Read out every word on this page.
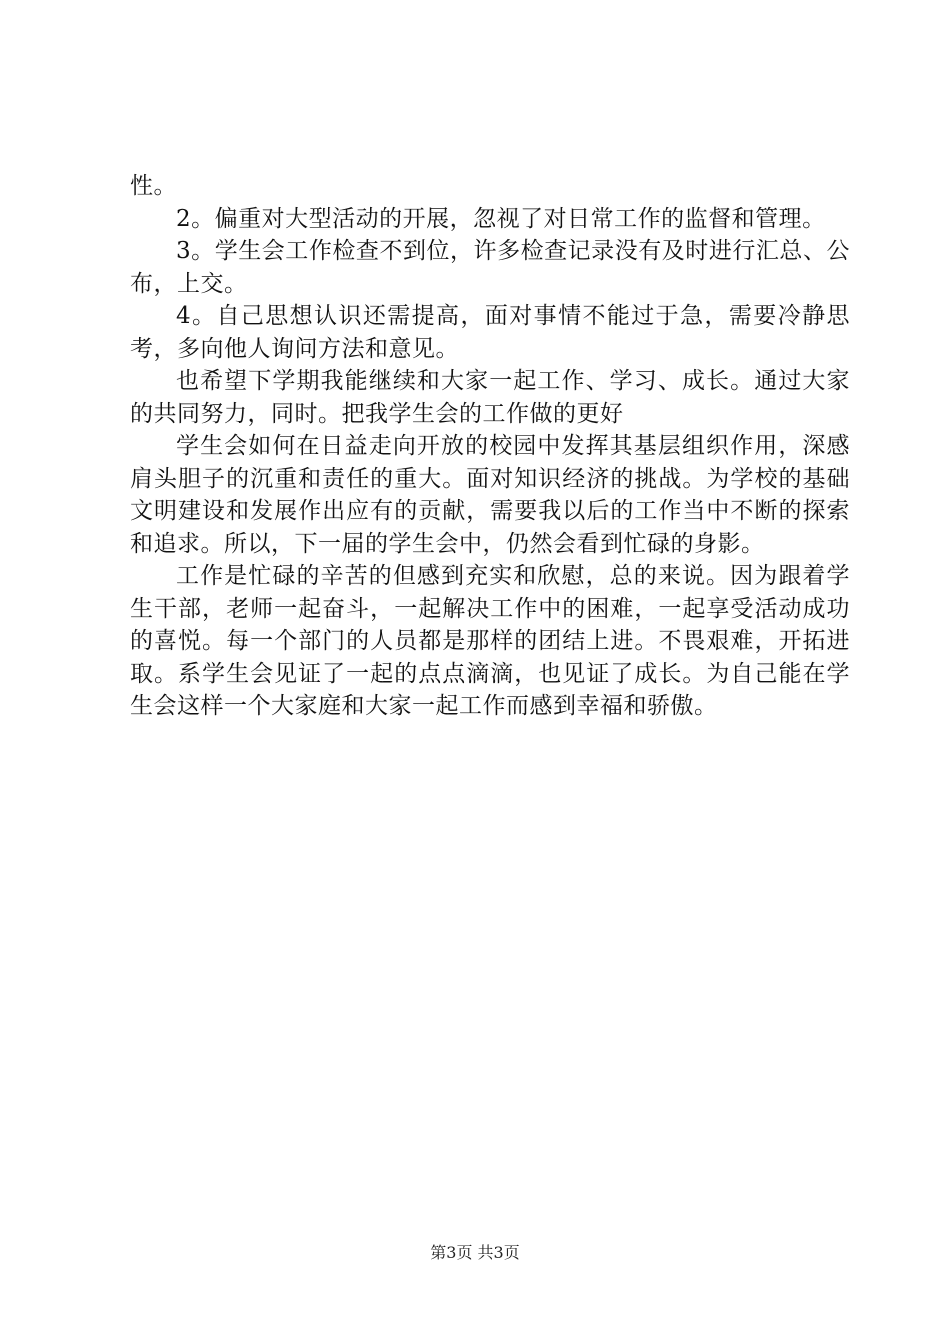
性。

2。偏重对大型活动的开展，忽视了对日常工作的监督和管理。

3。学生会工作检查不到位，许多检查记录没有及时进行汇总、公布，上交。

4。自己思想认识还需提高，面对事情不能过于急，需要冷静思考，多向他人询问方法和意见。

也希望下学期我能继续和大家一起工作、学习、成长。通过大家的共同努力，同时。把我学生会的工作做的更好

学生会如何在日益走向开放的校园中发挥其基层组织作用，深感肩头胆子的沉重和责任的重大。面对知识经济的挑战。为学校的基础文明建设和发展作出应有的贡献，需要我以后的工作当中不断的探索和追求。所以，下一届的学生会中，仍然会看到忙碌的身影。

工作是忙碌的辛苦的但感到充实和欣慰，总的来说。因为跟着学生干部，老师一起奋斗，一起解决工作中的困难，一起享受活动成功的喜悦。每一个部门的人员都是那样的团结上进。不畏艰难，开拓进取。系学生会见证了一起的点点滴滴，也见证了成长。为自己能在学生会这样一个大家庭和大家一起工作而感到幸福和骄傲。

第3页 共3页
